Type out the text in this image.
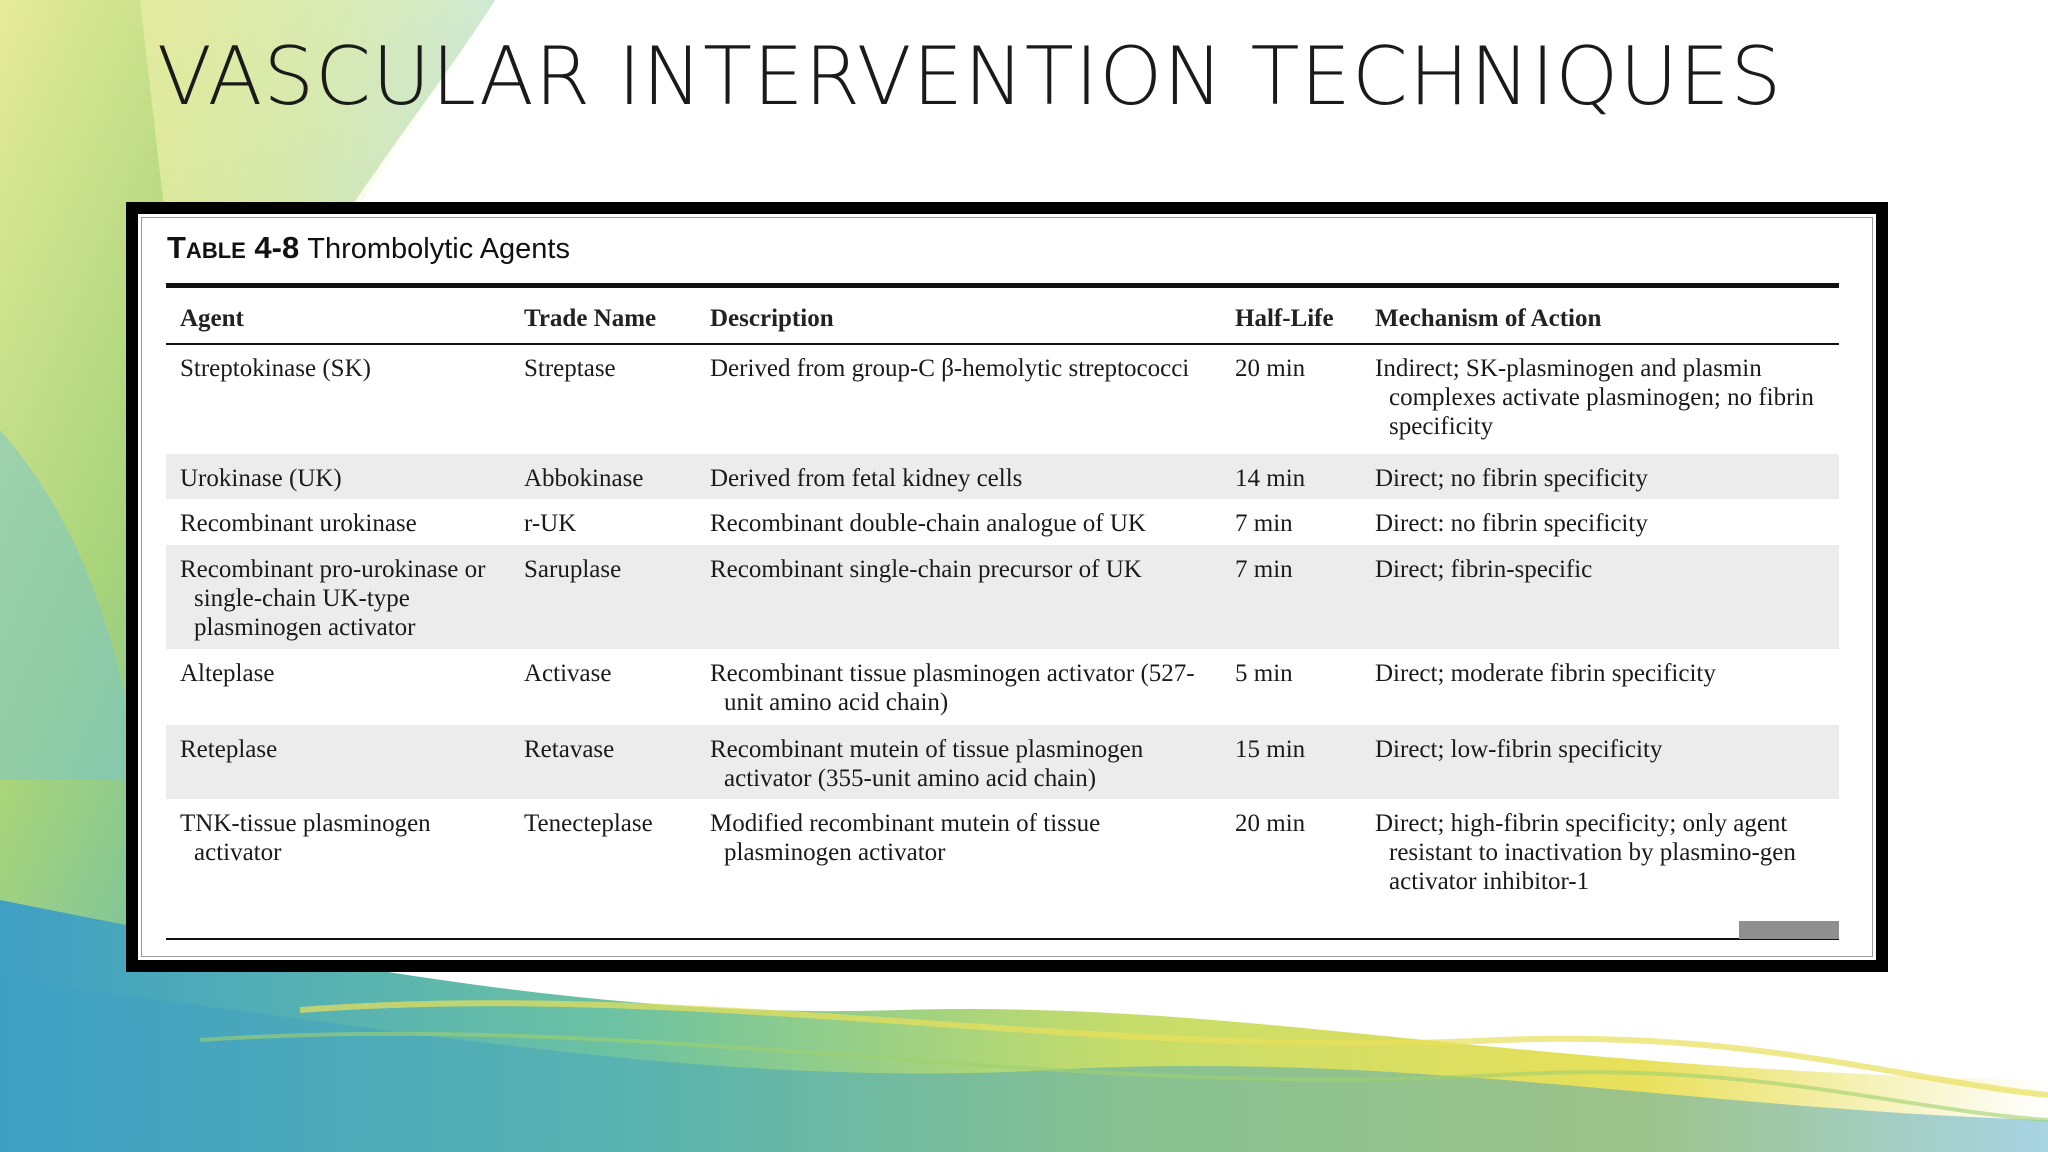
VASCULAR INTERVENTION TECHNIQUES
Table 4-8 Thrombolytic Agents
Agent	Trade Name	Description	Half-Life	Mechanism of Action

Streptokinase (SK)	Streptase	Derived from group-C β-hemolytic streptococci	20 min	Indirect; SK-plasminogen and plasmin complexes activate plasminogen; no fibrin specificity

Urokinase (UK)	Abbokinase	Derived from fetal kidney cells	14 min	Direct; no fibrin specificity

Recombinant urokinase	r-UK	Recombinant double-chain analogue of UK	7 min	Direct: no fibrin specificity

Recombinant pro-urokinase or single-chain UK-type plasminogen activator	Saruplase	Recombinant single-chain precursor of UK	7 min	Direct; fibrin-specific

Alteplase	Activase	Recombinant tissue plasminogen activator (527-unit amino acid chain)	5 min	Direct; moderate fibrin specificity

Reteplase	Retavase	Recombinant mutein of tissue plasminogen activator (355-unit amino acid chain)	15 min	Direct; low-fibrin specificity

TNK-tissue plasminogen activator	Tenecteplase	Modified recombinant mutein of tissue plasminogen activator	20 min	Direct; high-fibrin specificity; only agent resistant to inactivation by plasmino-gen activator inhibitor-1
